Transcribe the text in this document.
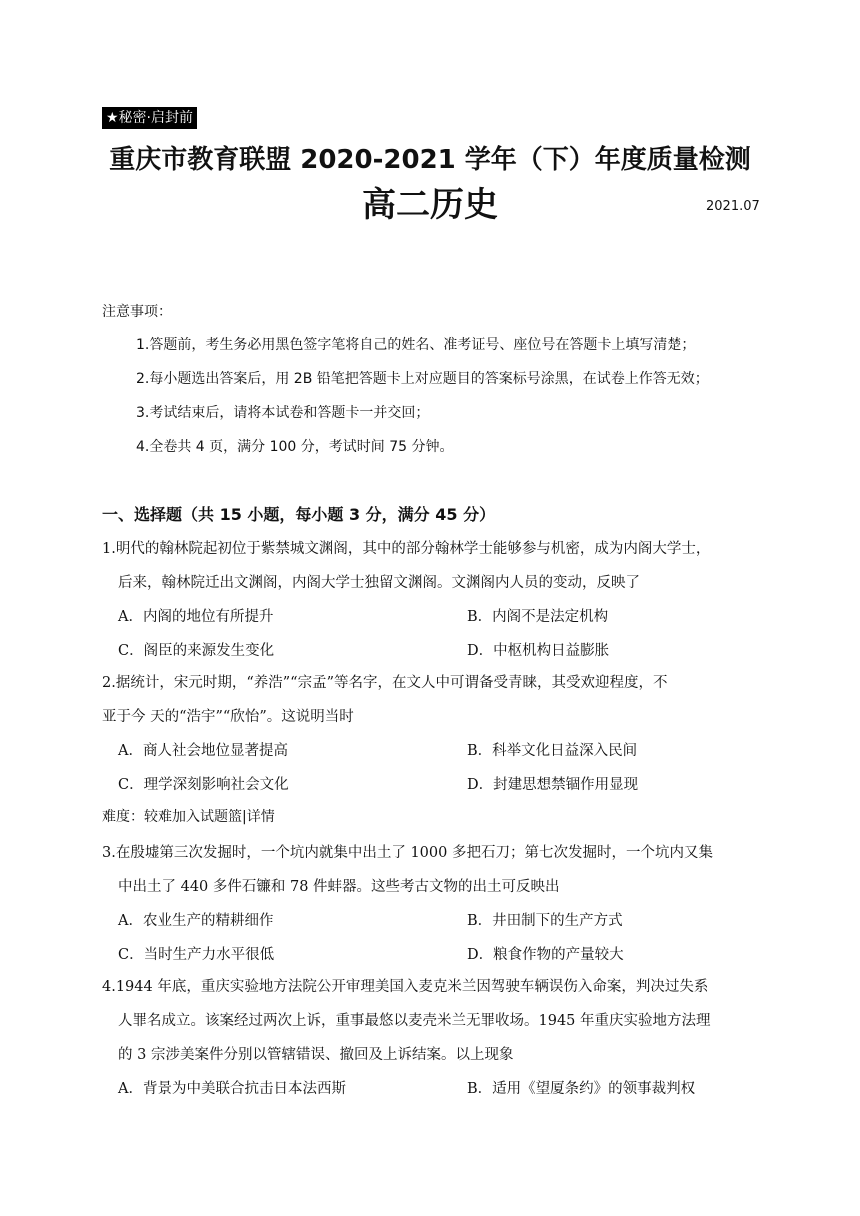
★秘密·启封前
重庆市教育联盟 2020-2021 学年（下）年度质量检测
高二历史	2021.07
注意事项：
1.答题前，考生务必用黑色签字笔将自己的姓名、准考证号、座位号在答题卡上填写清楚；
2.每小题选出答案后，用 2B 铅笔把答题卡上对应题目的答案标号涂黑，在试卷上作答无效；
3.考试结束后，请将本试卷和答题卡一并交回；
4.全卷共 4 页，满分 100 分，考试时间 75 分钟。
一、选择题（共 15 小题，每小题 3 分，满分 45 分）
1.明代的翰林院起初位于紫禁城文渊阁，其中的部分翰林学士能够参与机密，成为内阁大学士，
后来，翰林院迁出文渊阁，内阁大学士独留文渊阁。文渊阁内人员的变动，反映了
A．内阁的地位有所提升	B．内阁不是法定机构
C．阁臣的来源发生变化	D．中枢机构日益膨胀
2.据统计，宋元时期，“养浩”“宗孟”等名字，在文人中可谓备受青睐，其受欢迎程度，不
亚于今 天的“浩宇”“欣怡”。这说明当时
A．商人社会地位显著提高	B．科举文化日益深入民间
C．理学深刻影响社会文化	D．封建思想禁锢作用显现
难度：较难加入试题篮|详情
3.在殷墟第三次发掘时，一个坑内就集中出土了 1000 多把石刀；第七次发掘时，一个坑内又集
中出土了 440 多件石镰和 78 件蚌器。这些考古文物的出土可反映出
A．农业生产的精耕细作	B．井田制下的生产方式
C．当时生产力水平很低	D．粮食作物的产量较大
4.1944 年底，重庆实验地方法院公开审理美国入麦克米兰因驾驶车辆误伤入命案，判决过失系
人罪名成立。该案经过两次上诉，重事最悠以麦壳米兰无罪收场。1945 年重庆实验地方法理
的 3 宗涉美案件分别以管辖错误、撤回及上诉结案。以上现象
A．背景为中美联合抗击日本法西斯	B．适用《望厦条约》的领事裁判权
